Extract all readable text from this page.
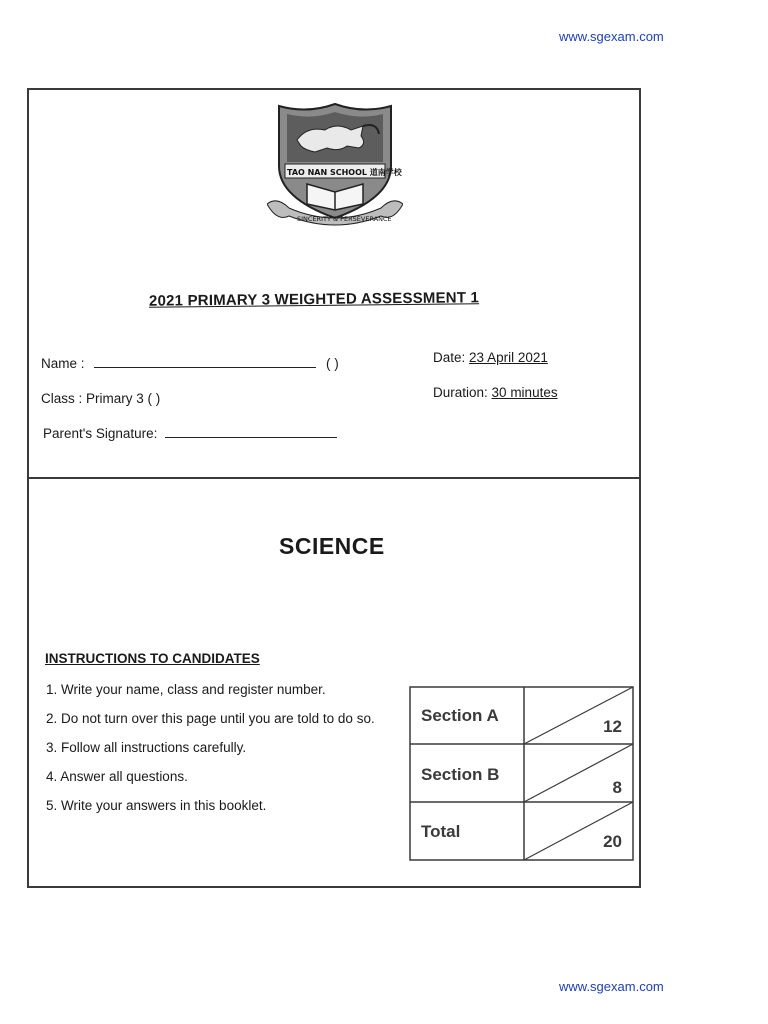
www.sgexam.com
TAO NAN SCHOOL 道南学校
SINCERITY & PERSEVERANCE
2021 PRIMARY 3 WEIGHTED ASSESSMENT 1
Name :	( )
Class : Primary 3 ( )
Parent's Signature:
Date: 23 April 2021
Duration: 30 minutes
SCIENCE
INSTRUCTIONS TO CANDIDATES
1. Write your name, class and register number.
2. Do not turn over this page until you are told to do so.
3. Follow all instructions carefully.
4. Answer all questions.
5. Write your answers in this booklet.
Section A
12
Section B
8
Total
20
www.sgexam.com
